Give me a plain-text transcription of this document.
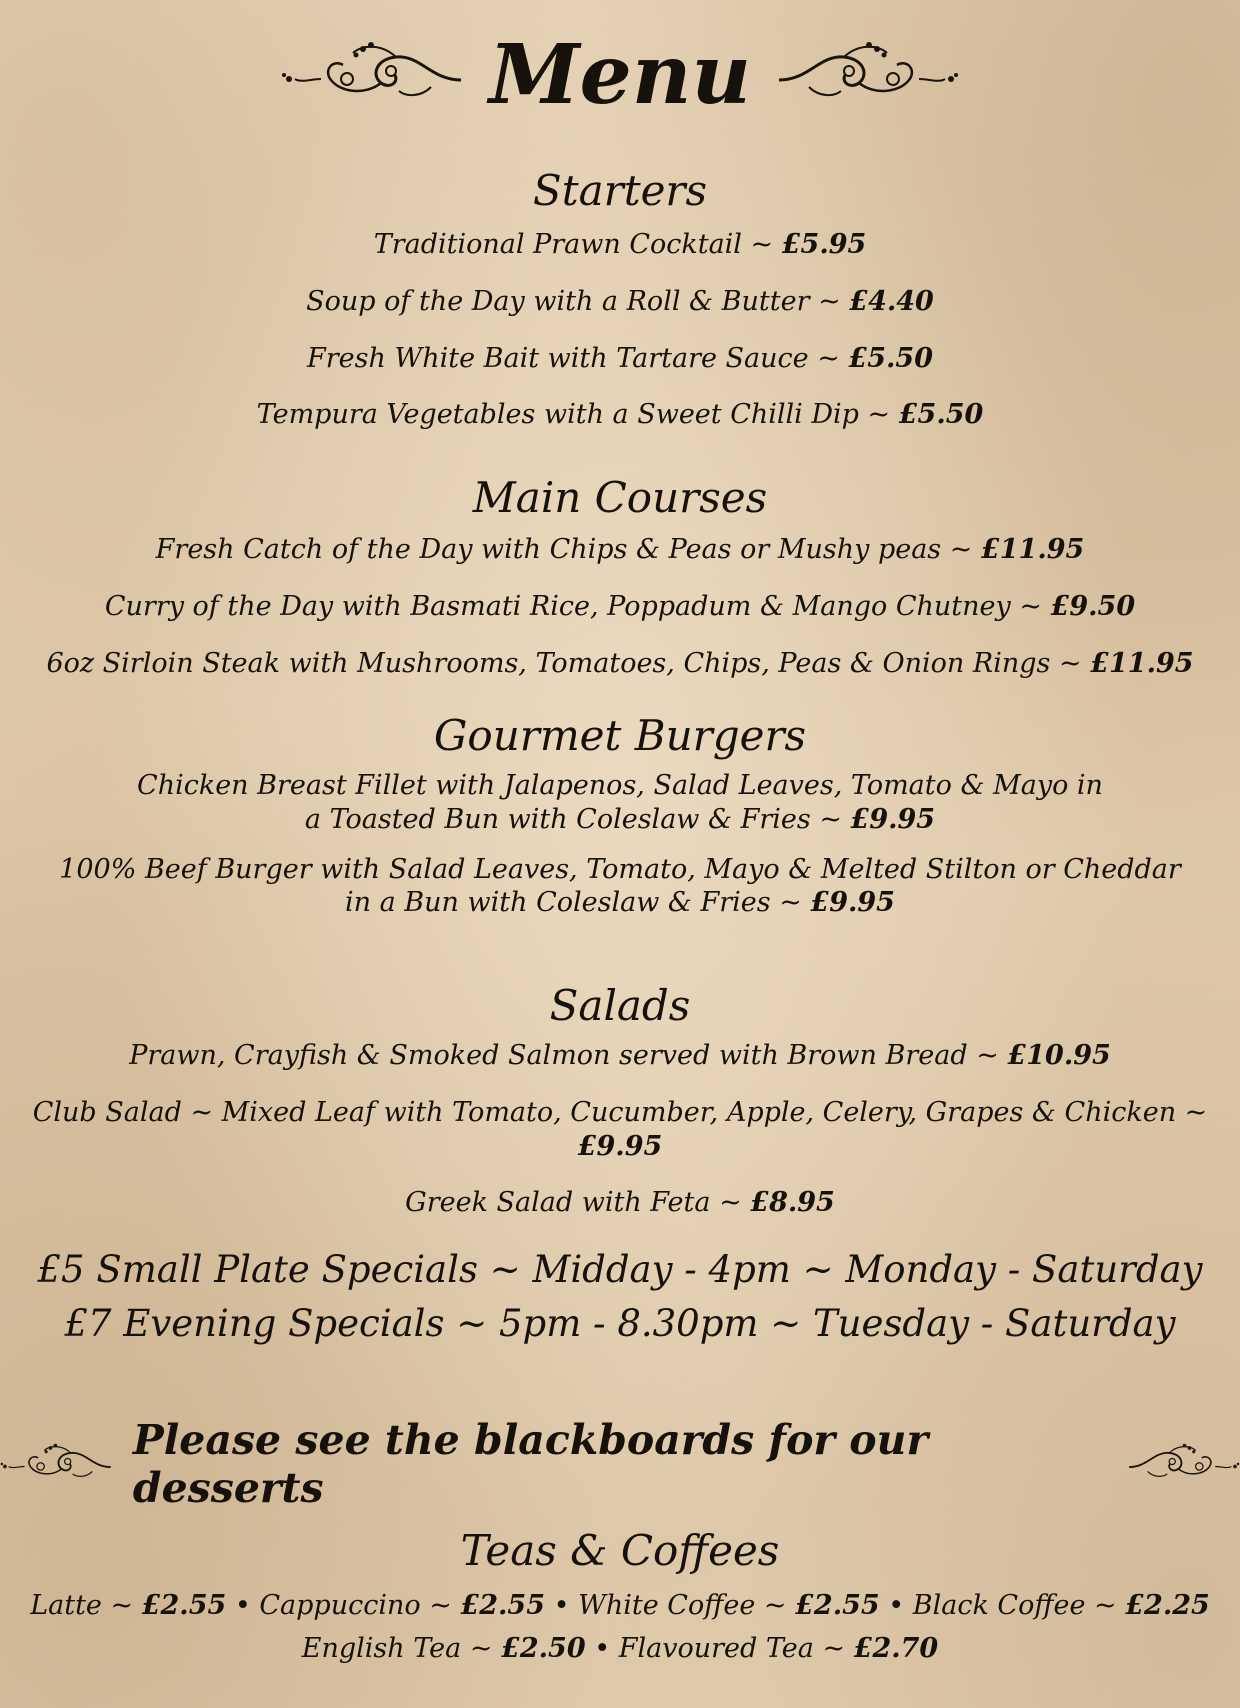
Menu
Starters
Traditional Prawn Cocktail ~ £5.95
Soup of the Day with a Roll & Butter ~ £4.40
Fresh White Bait with Tartare Sauce ~ £5.50
Tempura Vegetables with a Sweet Chilli Dip ~ £5.50
Main Courses
Fresh Catch of the Day with Chips & Peas or Mushy peas ~ £11.95
Curry of the Day with Basmati Rice, Poppadum & Mango Chutney ~ £9.50
6oz Sirloin Steak with Mushrooms, Tomatoes, Chips, Peas & Onion Rings ~ £11.95
Gourmet Burgers
Chicken Breast Fillet with Jalapenos, Salad Leaves, Tomato & Mayo in
a Toasted Bun with Coleslaw & Fries ~ £9.95
100% Beef Burger with Salad Leaves, Tomato, Mayo & Melted Stilton or Cheddar
in a Bun with Coleslaw & Fries ~ £9.95
Salads
Prawn, Crayfish & Smoked Salmon served with Brown Bread ~ £10.95
Club Salad ~ Mixed Leaf with Tomato, Cucumber, Apple, Celery, Grapes & Chicken ~ £9.95
Greek Salad with Feta ~ £8.95
£5 Small Plate Specials ~ Midday - 4pm ~ Monday - Saturday
£7 Evening Specials ~ 5pm - 8.30pm ~ Tuesday - Saturday
Please see the blackboards for our desserts
Teas & Coffees
Latte ~ £2.55 • Cappuccino ~ £2.55 • White Coffee ~ £2.55 • Black Coffee ~ £2.25
English Tea ~ £2.50 • Flavoured Tea ~ £2.70
